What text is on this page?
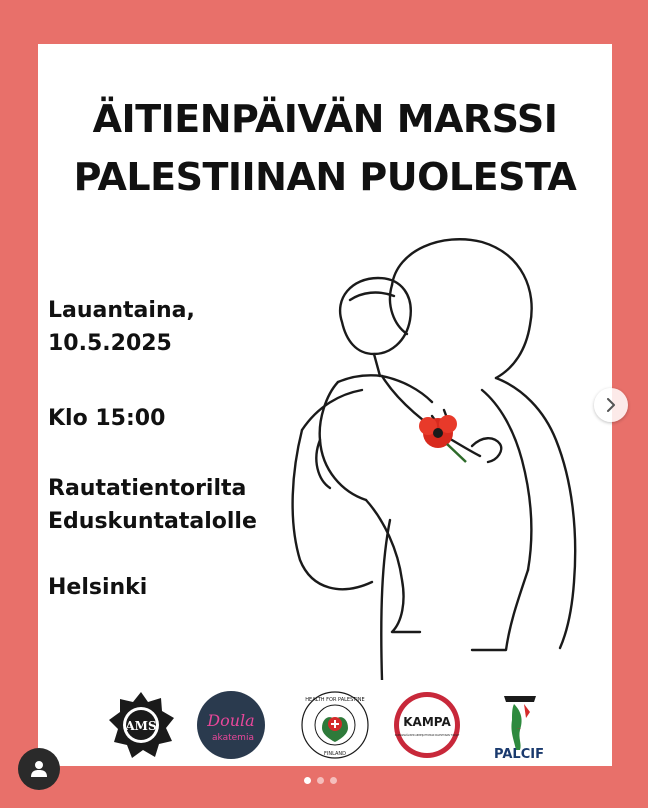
ÄITIENPÄIVÄN MARSSI
PALESTIINAN PUOLESTA
Lauantaina,
10.5.2025
Klo 15:00
Rautatientorilta
Eduskuntatalolle
Helsinki
AMS	Doula
akatemia
HEALTH FOR PALESTINE
FINLAND
KAMPA
KANSAINVÄLISEN ARMEIJATTOMAN PALESTIINAN TUKIJAT
—
PALCIF
